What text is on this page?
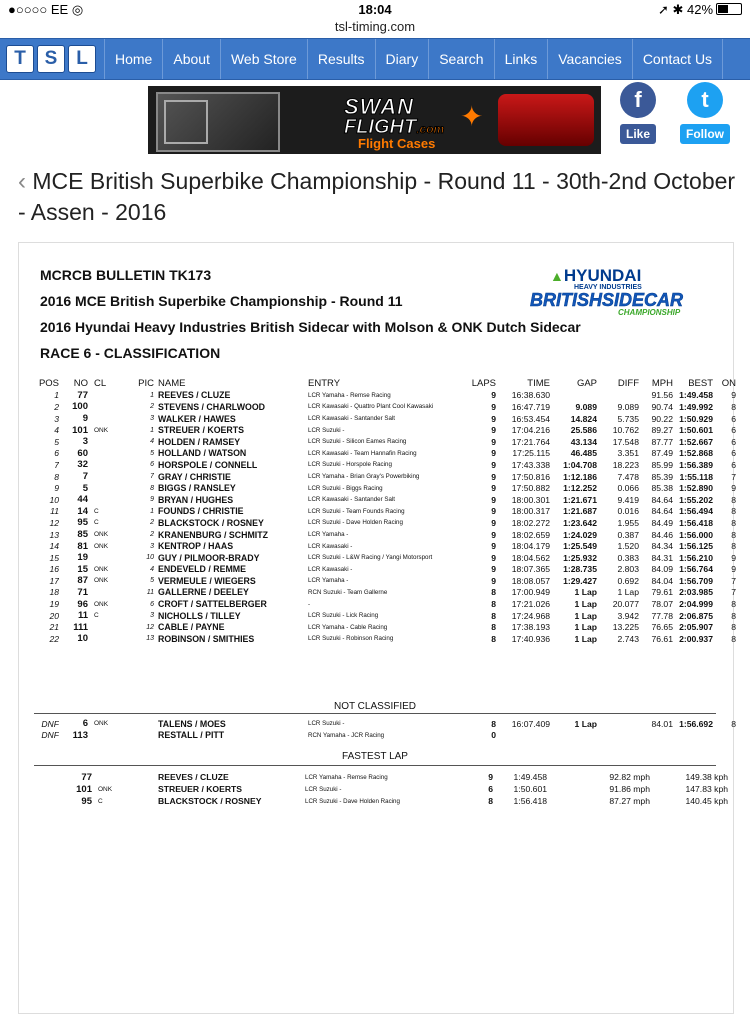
●○○○○ EE ◎	18:04	➚ ✱ 42%
tsl-timing.com
T S L	Home	About	Web Store	Results	Diary	Search	Links	Vacancies	Contact Us
SWAN
FLIGHT.com
Flight Cases
✦
f
Like
t
Follow
‹ MCE British Superbike Championship - Round 11 - 30th-2nd October - Assen - 2016
MCRCB BULLETIN TK173
2016 MCE British Superbike Championship - Round 11
2016 Hyundai Heavy Industries British Sidecar with Molson & ONK Dutch Sidecar
RACE 6 - CLASSIFICATION
▲HYUNDAI
HEAVY INDUSTRIES
BRITISHSIDECAR
CHAMPIONSHIP
POS	NO	CL	PIC	NAME	ENTRY	LAPS	TIME	GAP	DIFF	MPH	BEST	ON
1	77		1	REEVES / CLUZE	LCR Yamaha - Remse Racing	9	16:38.630			91.56	1:49.458	9
2	100		2	STEVENS / CHARLWOOD	LCR Kawasaki - Quattro Plant Cool Kawasaki	9	16:47.719	9.089	9.089	90.74	1:49.992	8
3	9		3	WALKER / HAWES	LCR Kawasaki - Santander Salt	9	16:53.454	14.824	5.735	90.22	1:50.929	6
4	101	ONK	1	STREUER / KOERTS	LCR Suzuki -	9	17:04.216	25.586	10.762	89.27	1:50.601	6
5	3		4	HOLDEN / RAMSEY	LCR Suzuki - Silicon Eames Racing	9	17:21.764	43.134	17.548	87.77	1:52.667	6
6	60		5	HOLLAND / WATSON	LCR Kawasaki - Team Hannafin Racing	9	17:25.115	46.485	3.351	87.49	1:52.868	6
7	32		6	HORSPOLE / CONNELL	LCR Suzuki - Horspole Racing	9	17:43.338	1:04.708	18.223	85.99	1:56.389	6
8	7		7	GRAY / CHRISTIE	LCR Yamaha - Brian Gray's Powerbiking	9	17:50.816	1:12.186	7.478	85.39	1:55.118	7
9	5		8	BIGGS / RANSLEY	LCR Suzuki - Biggs Racing	9	17:50.882	1:12.252	0.066	85.38	1:52.890	9
10	44		9	BRYAN / HUGHES	LCR Kawasaki - Santander Salt	9	18:00.301	1:21.671	9.419	84.64	1:55.202	8
11	14	C	1	FOUNDS / CHRISTIE	LCR Suzuki - Team Founds Racing	9	18:00.317	1:21.687	0.016	84.64	1:56.494	8
12	95	C	2	BLACKSTOCK / ROSNEY	LCR Suzuki - Dave Holden Racing	9	18:02.272	1:23.642	1.955	84.49	1:56.418	8
13	85	ONK	2	KRANENBURG / SCHMITZ	LCR Yamaha -	9	18:02.659	1:24.029	0.387	84.46	1:56.000	8
14	81	ONK	3	KENTROP / HAAS	LCR Kawasaki -	9	18:04.179	1:25.549	1.520	84.34	1:56.125	8
15	19		10	GUY / PILMOOR-BRADY	LCR Suzuki - L&W Racing / Yangi Motorsport	9	18:04.562	1:25.932	0.383	84.31	1:56.210	9
16	15	ONK	4	ENDEVELD / REMME	LCR Kawasaki -	9	18:07.365	1:28.735	2.803	84.09	1:56.764	9
17	87	ONK	5	VERMEULE / WIEGERS	LCR Yamaha -	9	18:08.057	1:29.427	0.692	84.04	1:56.709	7
18	71		11	GALLERNE / DEELEY	RCN Suzuki - Team Gallerne	8	17:00.949	1 Lap	1 Lap	79.61	2:03.985	7
19	96	ONK	6	CROFT / SATTELBERGER	-	8	17:21.026	1 Lap	20.077	78.07	2:04.999	8
20	11	C	3	NICHOLLS / TILLEY	LCR Suzuki - Lick Racing	8	17:24.968	1 Lap	3.942	77.78	2:06.875	8
21	111		12	CABLE / PAYNE	LCR Yamaha - Cable Racing	8	17:38.193	1 Lap	13.225	76.65	2:05.907	8
22	10		13	ROBINSON / SMITHIES	LCR Suzuki - Robinson Racing	8	17:40.936	1 Lap	2.743	76.61	2:00.937	8
NOT CLASSIFIED
DNF	6	ONK		TALENS / MOES	LCR Suzuki -	8	16:07.409	1 Lap		84.01	1:56.692	8
DNF	113			RESTALL / PITT	RCN Yamaha - JCR Racing	0						
FASTEST LAP
77		REEVES / CLUZE	LCR Yamaha - Remse Racing	9	1:49.458	92.82 mph	149.38 kph
101	ONK	STREUER / KOERTS	LCR Suzuki -	6	1:50.601	91.86 mph	147.83 kph
95	C	BLACKSTOCK / ROSNEY	LCR Suzuki - Dave Holden Racing	8	1:56.418	87.27 mph	140.45 kph
